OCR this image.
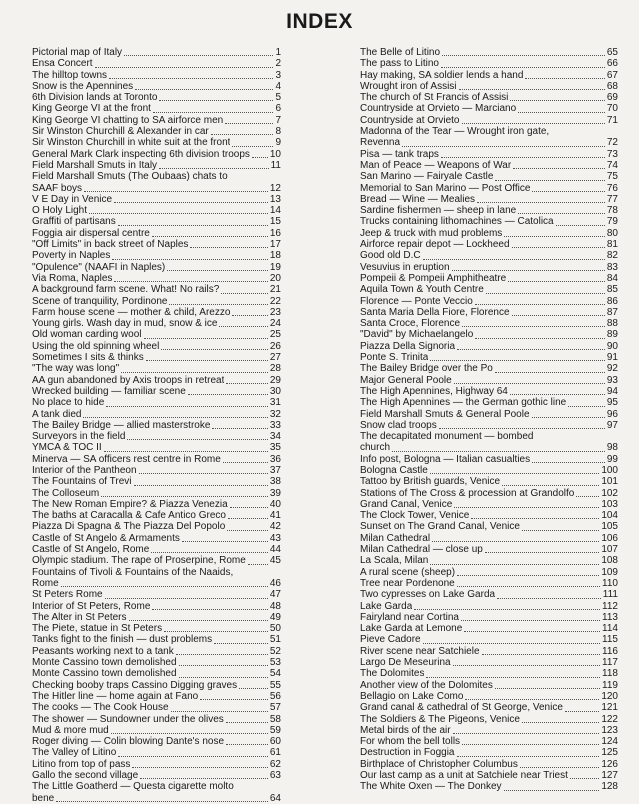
INDEX
Pictorial map of Italy	1
Ensa Concert	2
The hilltop towns	3
Snow is the Apennines	4
6th Division lands at Toronto	5
King George VI at the front	6
King George VI chatting to SA airforce men	7
Sir Winston Churchill & Alexander in car	8
Sir Winston Churchill in white suit at the front	9
General Mark Clark inspecting 6th division troops 10
Field Marshall Smuts in Italy	11
Field Marshall Smuts (The Oubaas) chats to
SAAF boys	12
V E Day in Venice	13
O Holy Light	14
Graffiti of partisans	15
Foggia air dispersal centre	16
"Off Limits" in back street of Naples	17
Poverty in Naples	18
"Opulence" (NAAFI in Naples)	19
Via Roma, Naples	20
A background farm scene. What! No rails?	21
Scene of tranquility, Pordinone	22
Farm house scene — mother & child, Arezzo	23
Young girls. Wash day in mud, snow & ice	24
Old woman carding wool	25
Using the old spinning wheel	26
Sometimes I sits & thinks	27
"The way was long"	28
AA gun abandoned by Axis troops in retreat	29
Wrecked building — familiar scene	30
No place to hide	31
A tank died	32
The Bailey Bridge — allied masterstroke	33
Surveyors in the field	34
YMCA & TOC II	35
Minerva — SA officers rest centre in Rome	36
Interior of the Pantheon	37
The Fountains of Trevi	38
The Colloseum	39
The New Roman Empire? & Piazza Venezia	40
The baths at Caracalla & Cafe Antico Greco	41
Piazza Di Spagna & The Piazza Del Popolo	42
Castle of St Angelo & Armaments	43
Castle of St Angelo, Rome	44
Olympic stadium. The rape of Proserpine, Rome 45
Fountains of Tivoli & Fountains of the Naaids,
Rome	46
St Peters Rome	47
Interior of St Peters, Rome	48
The Alter in St Peters	49
The Piete, statue in St Peters	50
Tanks fight to the finish — dust problems	51
Peasants working next to a tank	52
Monte Cassino town demolished	53
Monte Cassino town demolished	54
Checking booby traps Cassino Digging graves	55
The Hitler line — home again at Fano	56
The cooks — The Cook House	57
The shower — Sundowner under the olives	58
Mud & more mud	59
Roger diving — Colin blowing Dante's nose	60
The Valley of Litino	61
Litino from top of pass	62
Gallo the second village	63
The Little Goatherd — Questa cigarette molto
bene	64
The Belle of Litino	65
The pass to Litino	66
Hay making, SA soldier lends a hand	67
Wrought iron of Assisi	68
The church of St Francis of Assisi	69
Countryside at Orvieto — Marciano	70
Countryside at Orvieto	71
Madonna of the Tear — Wrought iron gate,
Revenna	72
Pisa — tank traps	73
Man of Peace — Weapons of War	74
San Marino — Fairyale Castle	75
Memorial to San Marino — Post Office	76
Bread — Wine — Mealies	77
Sardine fishermen — sheep in lane	78
Trucks containing lithomachines — Catolica	79
Jeep & truck with mud problems	80
Airforce repair depot — Lockheed	81
Good old D.C	82
Vesuvius in eruption	83
Pompeii & Pompeii Amphitheatre	84
Aquila Town & Youth Centre	85
Florence — Ponte Veccio	86
Santa Maria Della Fiore, Florence	87
Santa Croce, Florence	88
"David" by Michaelangelo	89
Piazza Della Signoria	90
Ponte S. Trinita	91
The Bailey Bridge over the Po	92
Major General Poole	93
The High Apennines, Highway 64	94
The High Apennines — the German gothic line	95
Field Marshall Smuts & General Poole	96
Snow clad troops	97
The decapitated monument — bombed
church	98
Info post, Bologna — Italian casualties	99
Bologna Castle	100
Tattoo by British guards, Venice	101
Stations of The Cross & procession at Grandolfo	102
Grand Canal, Venice	103
The Clock Tower, Venice	104
Sunset on The Grand Canal, Venice	105
Milan Cathedral	106
Milan Cathedral — close up	107
La Scala, Milan	108
A rural scene (sheep)	109
Tree near Pordenone	110
Two cypresses on Lake Garda	111
Lake Garda	112
Fairyland near Cortina	113
Lake Garda at Lemone	114
Pieve Cadore	115
River scene near Satchiele	116
Largo De Meseurina	117
The Dolomites	118
Another view of the Dolomites	119
Bellagio on Lake Como	120
Grand canal & cathedral of St George, Venice	121
The Soldiers & The Pigeons, Venice	122
Metal birds of the air	123
For whom the bell tolls	124
Destruction in Foggia	125
Birthplace of Christopher Columbus	126
Our last camp as a unit at Satchiele near Triest	127
The White Oxen — The Donkey	128
